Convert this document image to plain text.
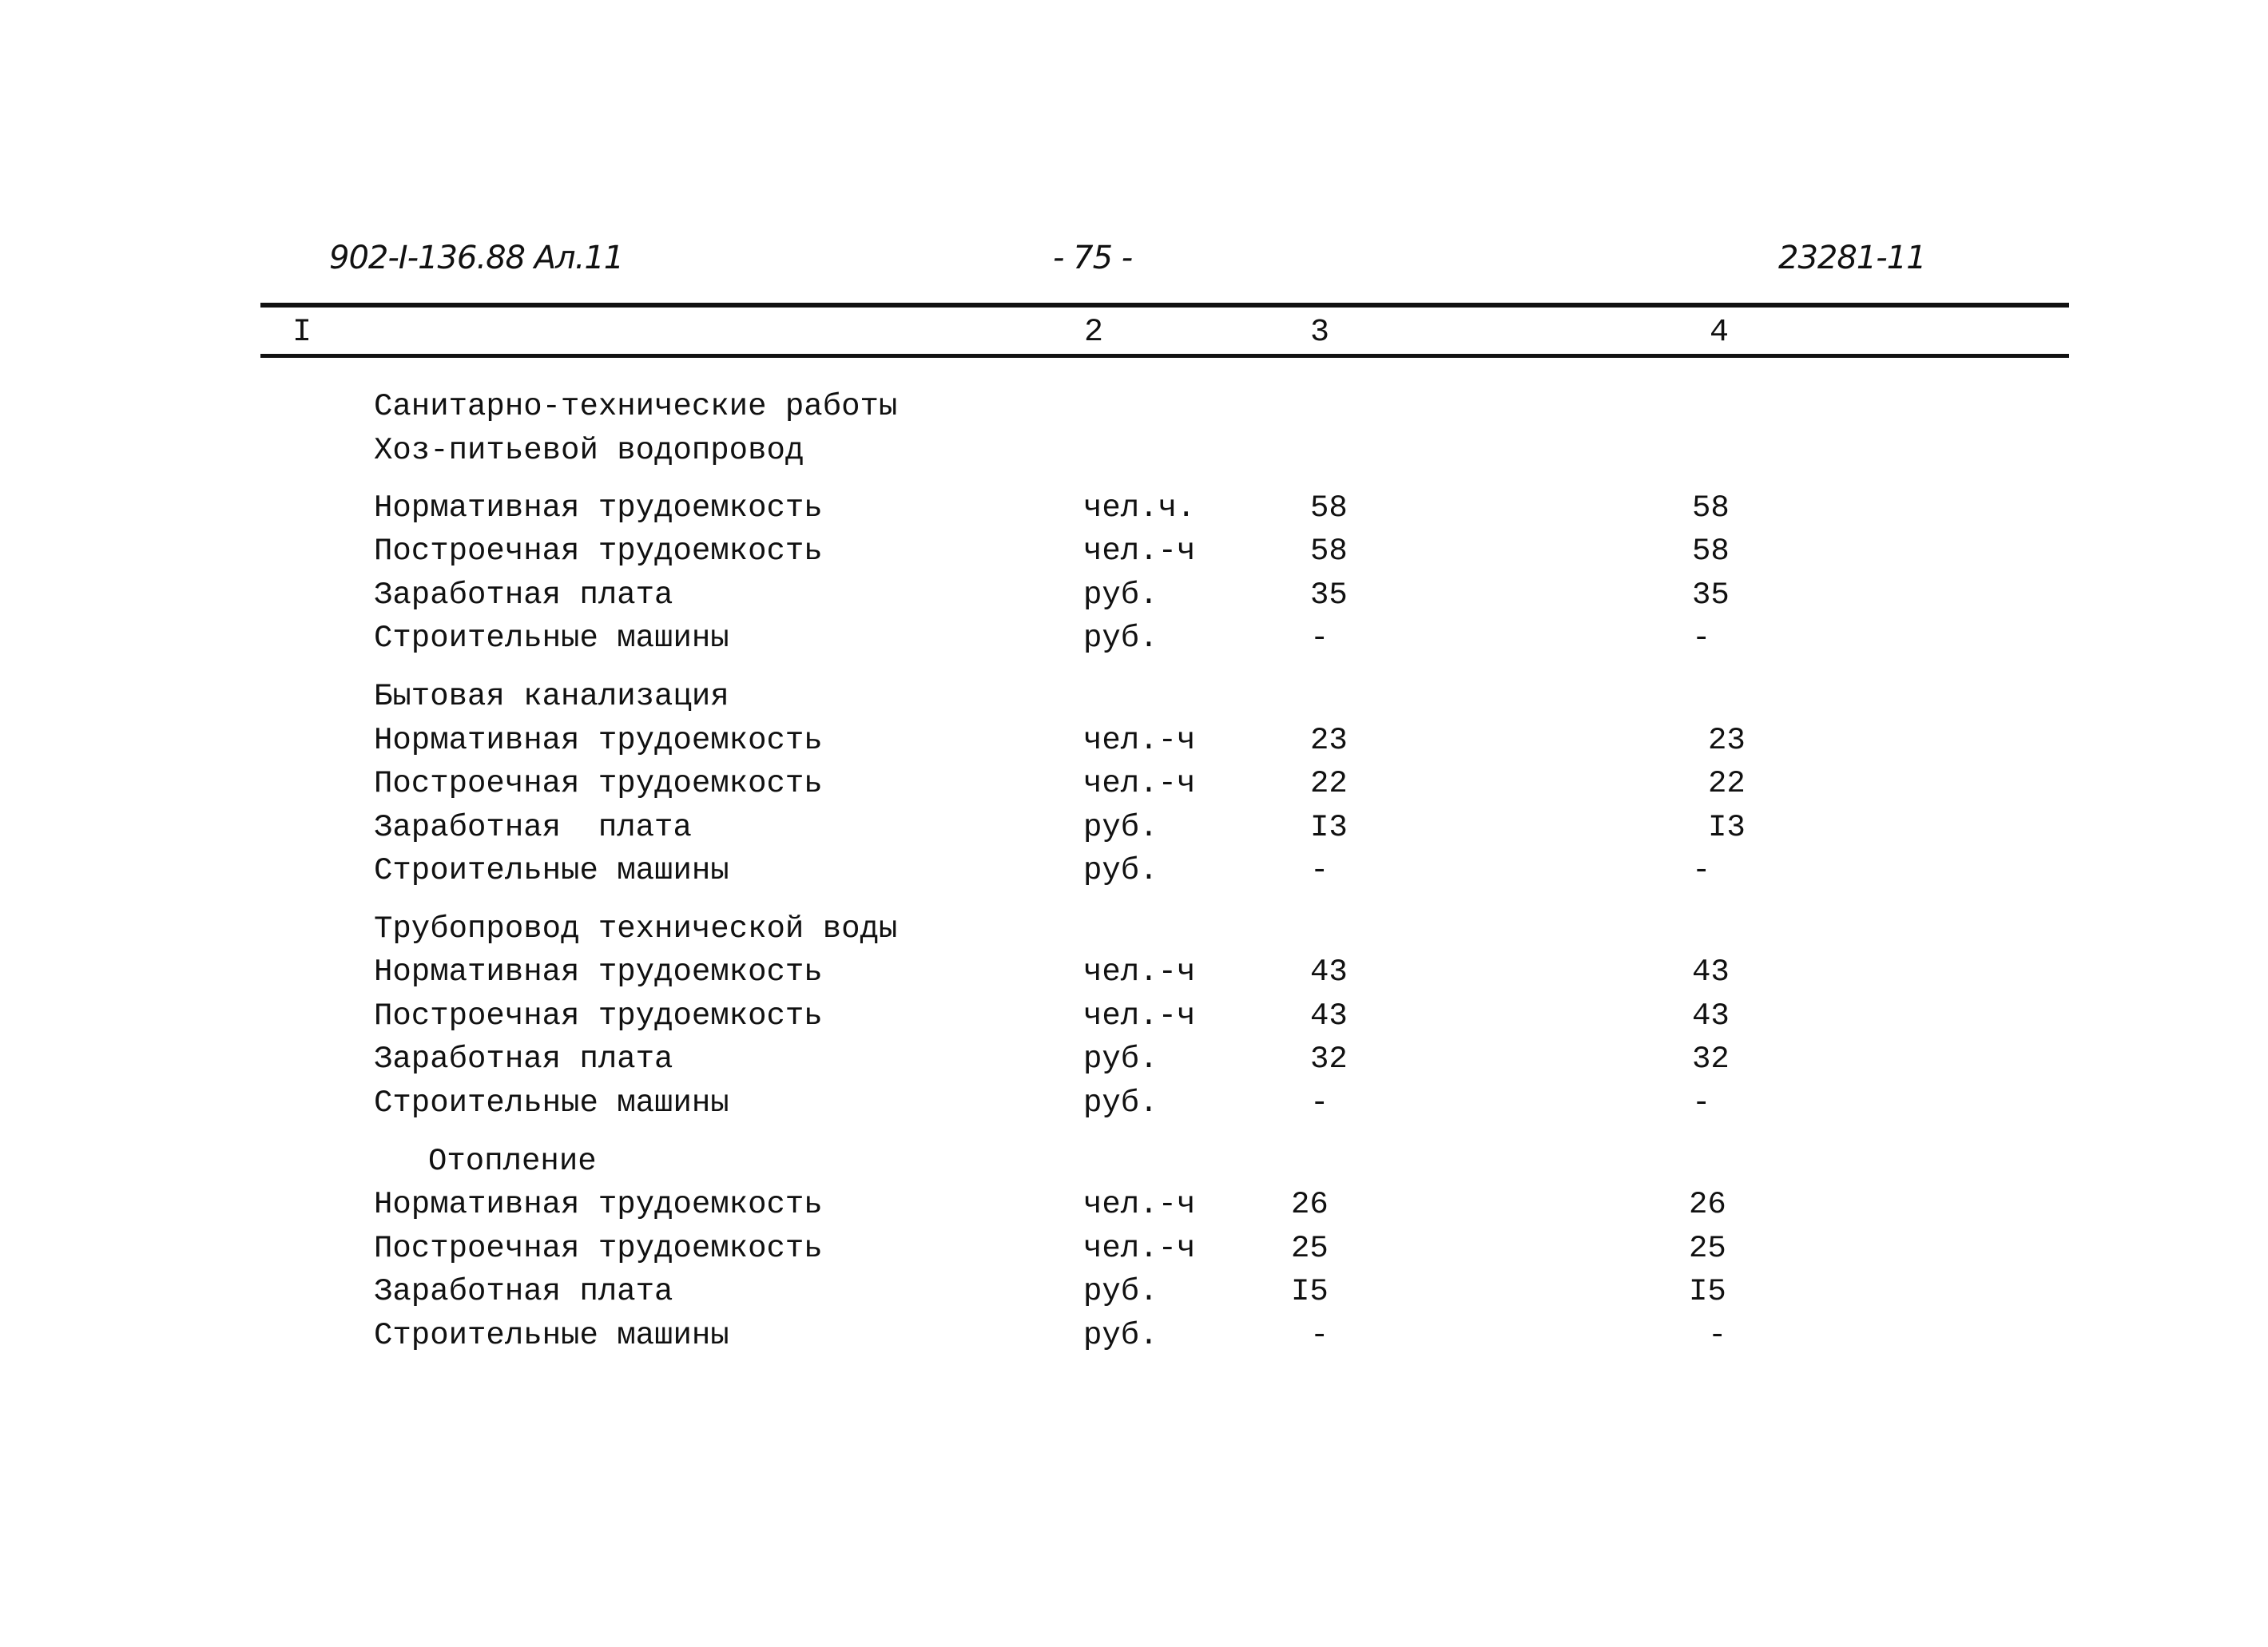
902-I-136.88 Ал.11	- 75 -	23281-11
I	2	3	4
Санитарно-технические работы
Хоз-питьевой водопровод
Нормативная трудоемкость	чел.ч.	58	58
Построечная трудоемкость	чел.-ч	58	58
Заработная плата	руб.	35	35
Строительные машины	руб.	-	-
Бытовая канализация
Нормативная трудоемкость	чел.-ч	23	23
Построечная трудоемкость	чел.-ч	22	22
Заработная  плата	руб.	I3	I3
Строительные машины	руб.	-	-
Трубопровод технической воды
Нормативная трудоемкость	чел.-ч	43	43
Построечная трудоемкость	чел.-ч	43	43
Заработная плата	руб.	32	32
Строительные машины	руб.	-	-
Отопление
Нормативная трудоемкость	чел.-ч	26	26
Построечная трудоемкость	чел.-ч	25	25
Заработная плата	руб.	I5	I5
Строительные машины	руб.	-	-
